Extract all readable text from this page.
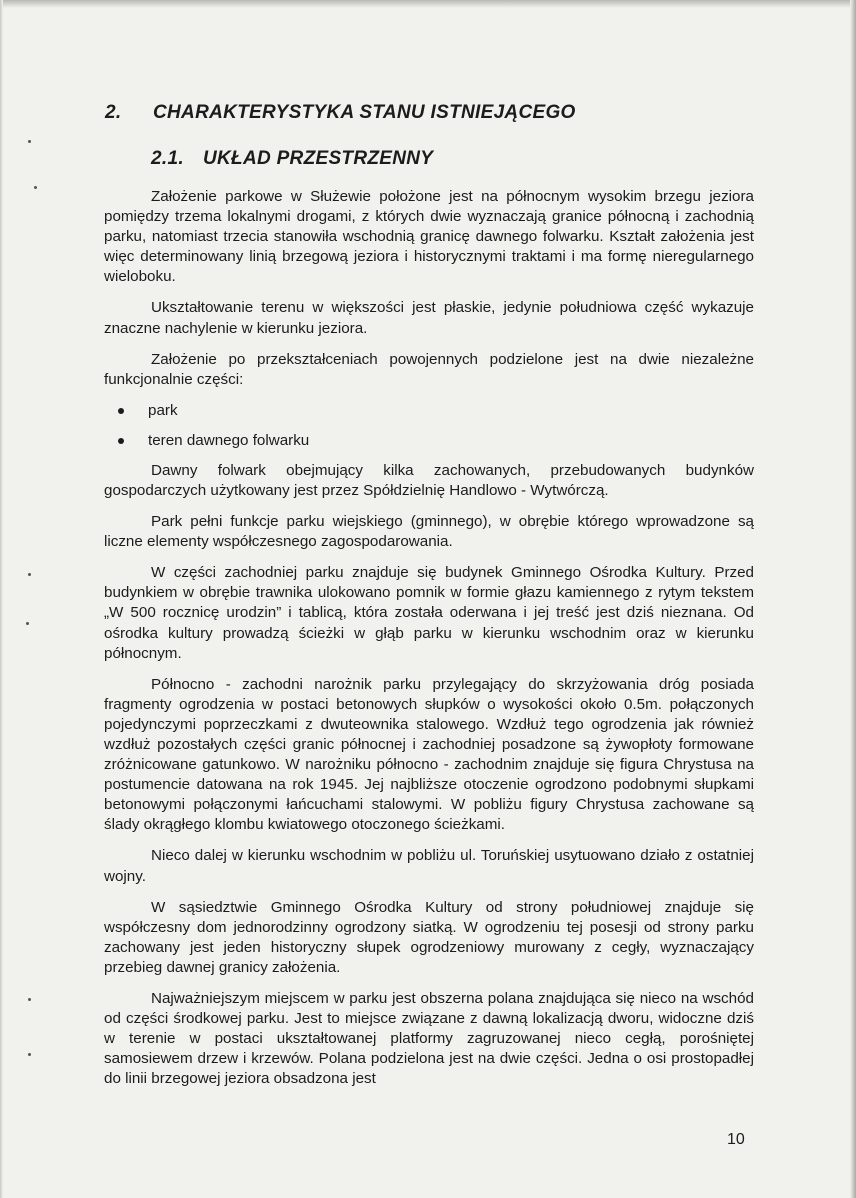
2. CHARAKTERYSTYKA STANU ISTNIEJĄCEGO
2.1. UKŁAD PRZESTRZENNY

Założenie parkowe w Służewie położone jest na północnym wysokim brzegu jeziora pomiędzy trzema lokalnymi drogami, z których dwie wyznaczają granice północną i zachodnią parku, natomiast trzecia stanowiła wschodnią granicę dawnego folwarku. Kształt założenia jest więc determinowany linią brzegową jeziora i historycznymi traktami i ma formę nieregularnego wieloboku.

Ukształtowanie terenu w większości jest płaskie, jedynie południowa część wykazuje znaczne nachylenie w kierunku jeziora.

Założenie po przekształceniach powojennych podzielone jest na dwie niezależne funkcjonalnie części:

park
teren dawnego folwarku

Dawny folwark obejmujący kilka zachowanych, przebudowanych budynków gospodarczych użytkowany jest przez Spółdzielnię Handlowo - Wytwórczą.

Park pełni funkcje parku wiejskiego (gminnego), w obrębie którego wprowadzone są liczne elementy współczesnego zagospodarowania.

W części zachodniej parku znajduje się budynek Gminnego Ośrodka Kultury. Przed budynkiem w obrębie trawnika ulokowano pomnik w formie głazu kamiennego z rytym tekstem „W 500 rocznicę urodzin” i tablicą, która została oderwana i jej treść jest dziś nieznana. Od ośrodka kultury prowadzą ścieżki w głąb parku w kierunku wschodnim oraz w kierunku północnym.

Północno - zachodni narożnik parku przylegający do skrzyżowania dróg posiada fragmenty ogrodzenia w postaci betonowych słupków o wysokości około 0.5m. połączonych pojedynczymi poprzeczkami z dwuteownika stalowego. Wzdłuż tego ogrodzenia jak również wzdłuż pozostałych części granic północnej i zachodniej posadzone są żywopłoty formowane zróżnicowane gatunkowo. W narożniku północno - zachodnim znajduje się figura Chrystusa na postumencie datowana na rok 1945. Jej najbliższe otoczenie ogrodzono podobnymi słupkami betonowymi połączonymi łańcuchami stalowymi. W pobliżu figury Chrystusa zachowane są ślady okrągłego klombu kwiatowego otoczonego ścieżkami.

Nieco dalej w kierunku wschodnim w pobliżu ul. Toruńskiej usytuowano działo z ostatniej wojny.

W sąsiedztwie Gminnego Ośrodka Kultury od strony południowej znajduje się współczesny dom jednorodzinny ogrodzony siatką. W ogrodzeniu tej posesji od strony parku zachowany jest jeden historyczny słupek ogrodzeniowy murowany z cegły, wyznaczający przebieg dawnej granicy założenia.

Najważniejszym miejscem w parku jest obszerna polana znajdująca się nieco na wschód od części środkowej parku. Jest to miejsce związane z dawną lokalizacją dworu, widoczne dziś w terenie w postaci ukształtowanej platformy zagruzowanej nieco cegłą, porośniętej samosiewem drzew i krzewów. Polana podzielona jest na dwie części. Jedna o osi prostopadłej do linii brzegowej jeziora obsadzona jest

10
